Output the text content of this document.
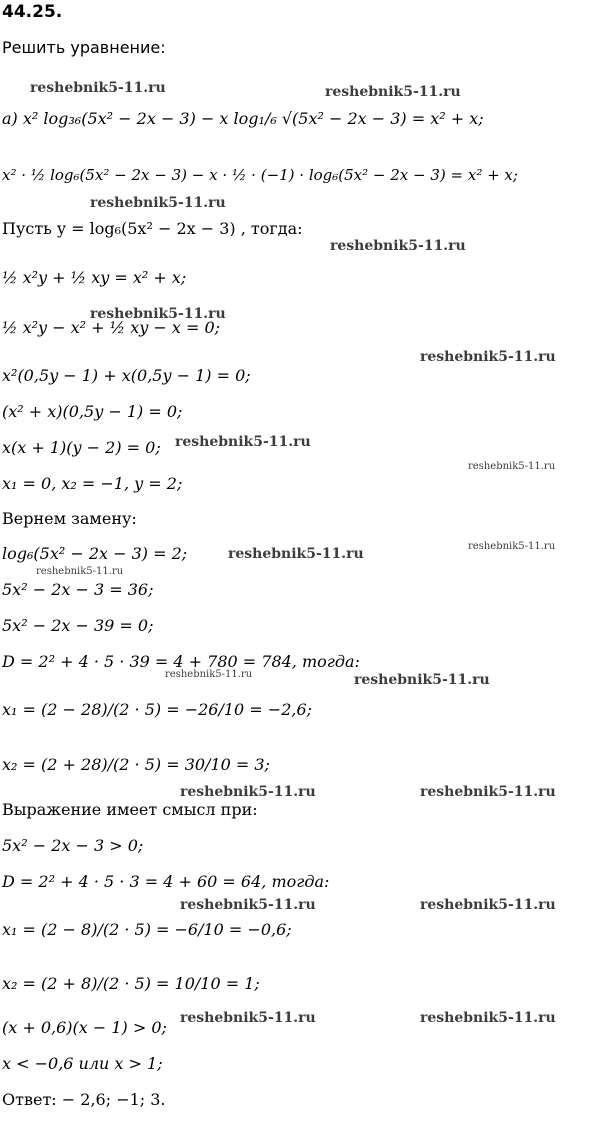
44.25.
Решить уравнение:
а) x² log₃₆(5x² − 2x − 3) − x log₁/₆ √(5x² − 2x − 3) = x² + x;
x² · ½ log₆(5x² − 2x − 3) − x · ½ · (−1) · log₆(5x² − 2x − 3) = x² + x;
Пусть y = log₆(5x² − 2x − 3) , тогда:
½ x²y + ½ xy = x² + x;
½ x²y − x² + ½ xy − x = 0;
x²(0,5y − 1) + x(0,5y − 1) = 0;
(x² + x)(0,5y − 1) = 0;
x(x + 1)(y − 2) = 0;
x₁ = 0, x₂ = −1, y = 2;
Вернем замену:
log₆(5x² − 2x − 3) = 2;
5x² − 2x − 3 = 36;
5x² − 2x − 39 = 0;
D = 2² + 4 · 5 · 39 = 4 + 780 = 784, тогда:
x₁ = (2 − 28)/(2 · 5) = −26/10 = −2,6;
x₂ = (2 + 28)/(2 · 5) = 30/10 = 3;
Выражение имеет смысл при:
5x² − 2x − 3 > 0;
D = 2² + 4 · 5 · 3 = 4 + 60 = 64, тогда:
x₁ = (2 − 8)/(2 · 5) = −6/10 = −0,6;
x₂ = (2 + 8)/(2 · 5) = 10/10 = 1;
(x + 0,6)(x − 1) > 0;
x < −0,6 или x > 1;
Ответ: − 2,6; −1; 3.
reshebnik5-11.ru	reshebnik5-11.ru
reshebnik5-11.ru
reshebnik5-11.ru
reshebnik5-11.ru
reshebnik5-11.ru
reshebnik5-11.ru
reshebnik5-11.ru
reshebnik5-11.ru	reshebnik5-11.ru
reshebnik5-11.ru
reshebnik5-11.ru	reshebnik5-11.ru
reshebnik5-11.ru	reshebnik5-11.ru
reshebnik5-11.ru	reshebnik5-11.ru
reshebnik5-11.ru	reshebnik5-11.ru
